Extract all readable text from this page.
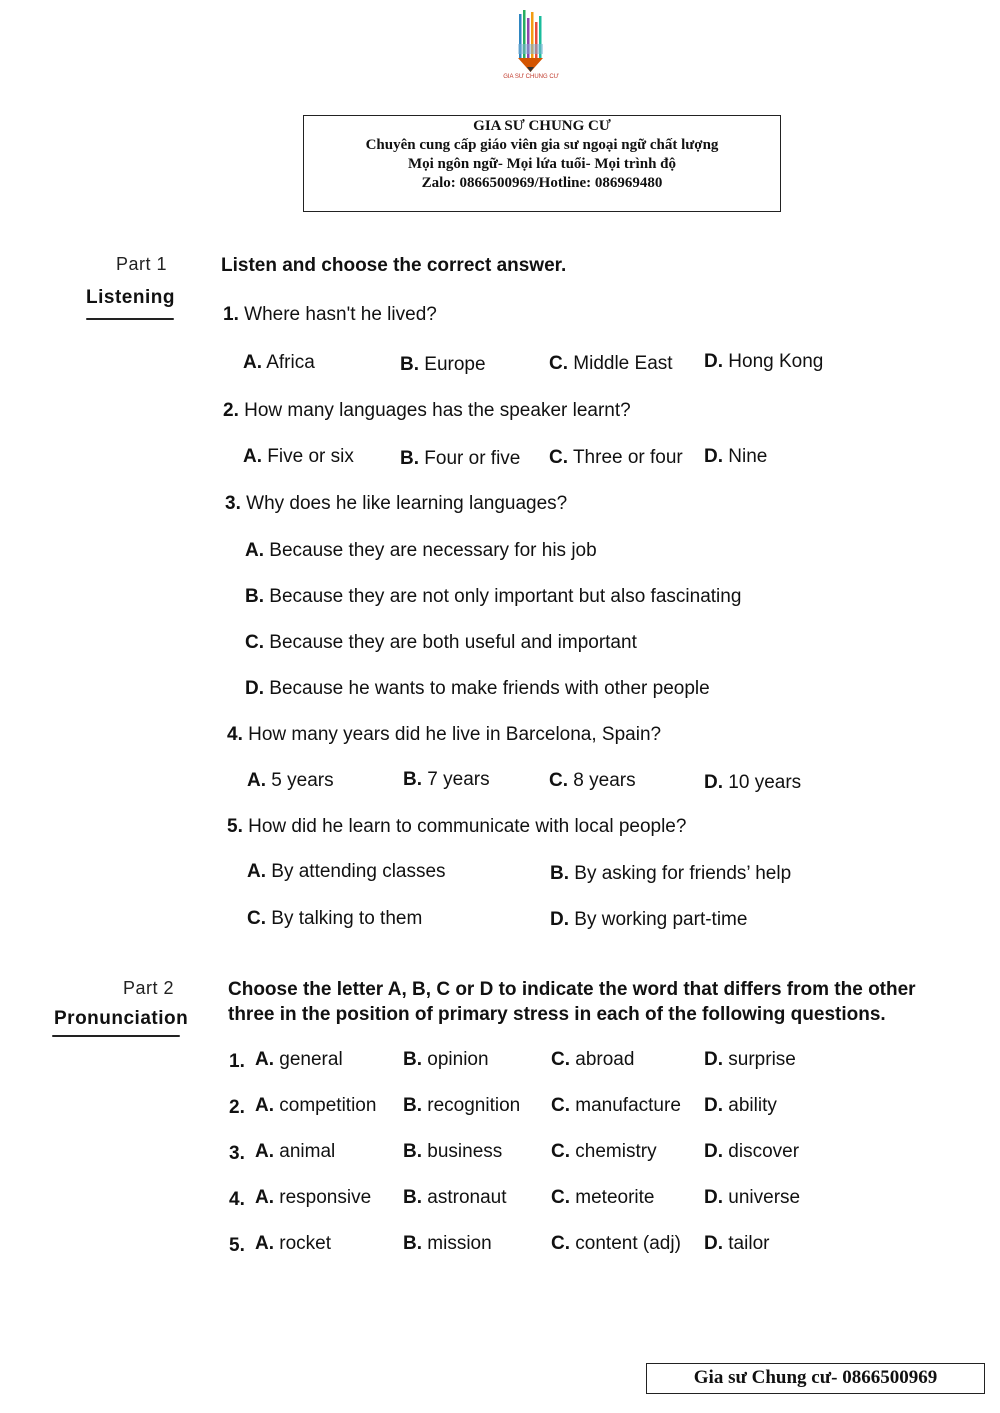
GIA SƯ CHUNG CƯ
GIA SƯ CHUNG CƯ
Chuyên cung cấp giáo viên gia sư ngoại ngữ chất lượng
Mọi ngôn ngữ- Mọi lứa tuổi- Mọi trình độ
Zalo: 0866500969/Hotline: 086969480
Part 1
Listening
Listen and choose the correct answer.
1. Where hasn't he lived?
A. Africa	B. Europe	C. Middle East D. Hong Kong
2. How many languages has the speaker learnt?
A. Five or six B. Four or five C. Three or four D. Nine
3. Why does he like learning languages?
A. Because they are necessary for his job
B. Because they are not only important but also fascinating
C. Because they are both useful and important
D. Because he wants to make friends with other people
4. How many years did he live in Barcelona, Spain?
A. 5 years	B. 7 years	C. 8 years	D. 10 years
5. How did he learn to communicate with local people?
A. By attending classes	B. By asking for friends’ help
C. By talking to them	D. By working part-time
Part 2
Pronunciation
Choose the letter A, B, C or D to indicate the word that differs from the other
three in the position of primary stress in each of the following questions.
1. A. general	B. opinion	C. abroad	D. surprise
2. A. competition B. recognition C. manufacture D. ability
3. A. animal	B. business	C. chemistry D. discover
4. A. responsive B. astronaut C. meteorite	D. universe
5. A. rocket	B. mission	C. content (adj) D. tailor
Gia sư Chung cư- 0866500969
